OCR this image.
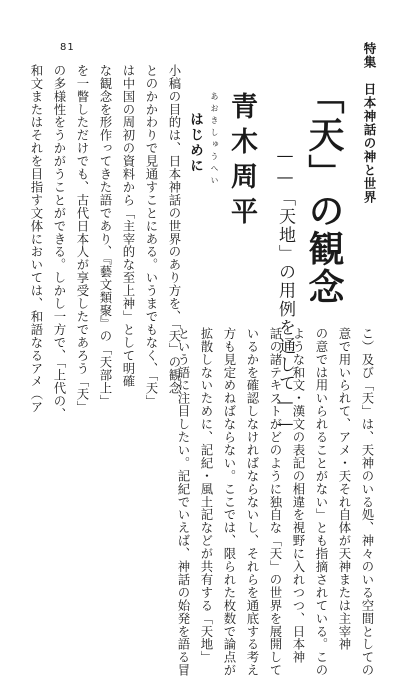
81	特集　日本神話の神と世界
「天」の観念
——「天地」の用例を通して——
あおきしゅうへい 青木周平
はじめに
小稿の目的は、日本神話の世界のあり方を、「天」の観念
とのかかわりで見通すことにある。いうまでもなく、「天」
は中国の周初の資料から「主宰的な至上神」として明確
な観念を形作ってきた語であり、『藝文類聚』の「天部上」
を一瞥しただけでも、古代日本人が享受したであろう「天」
の多様性をうかがうことができる。しかし一方で、「上代の、
和文またはそれを目指す文体においては、和語なるアメ（ア
こ）及び「天」は、天神のいる処、神々のいる空間としての
意で用いられて、アメ・天それ自体が天神または主宰神
の意では用いられることがない」とも指摘されている。この
ような和文・漢文の表記の相違を視野に入れつつ、日本神
話の諸テキストがどのように独自な「天」の世界を展開して
いるかを確認しなければならないし、それらを通底する考え
方も見定めねばならない。ここでは、限られた枚数で論点が
拡散しないために、記紀・風土記などが共有する「天地」
という語に注目したい。記紀でいえば、神話の始発を語る冒
